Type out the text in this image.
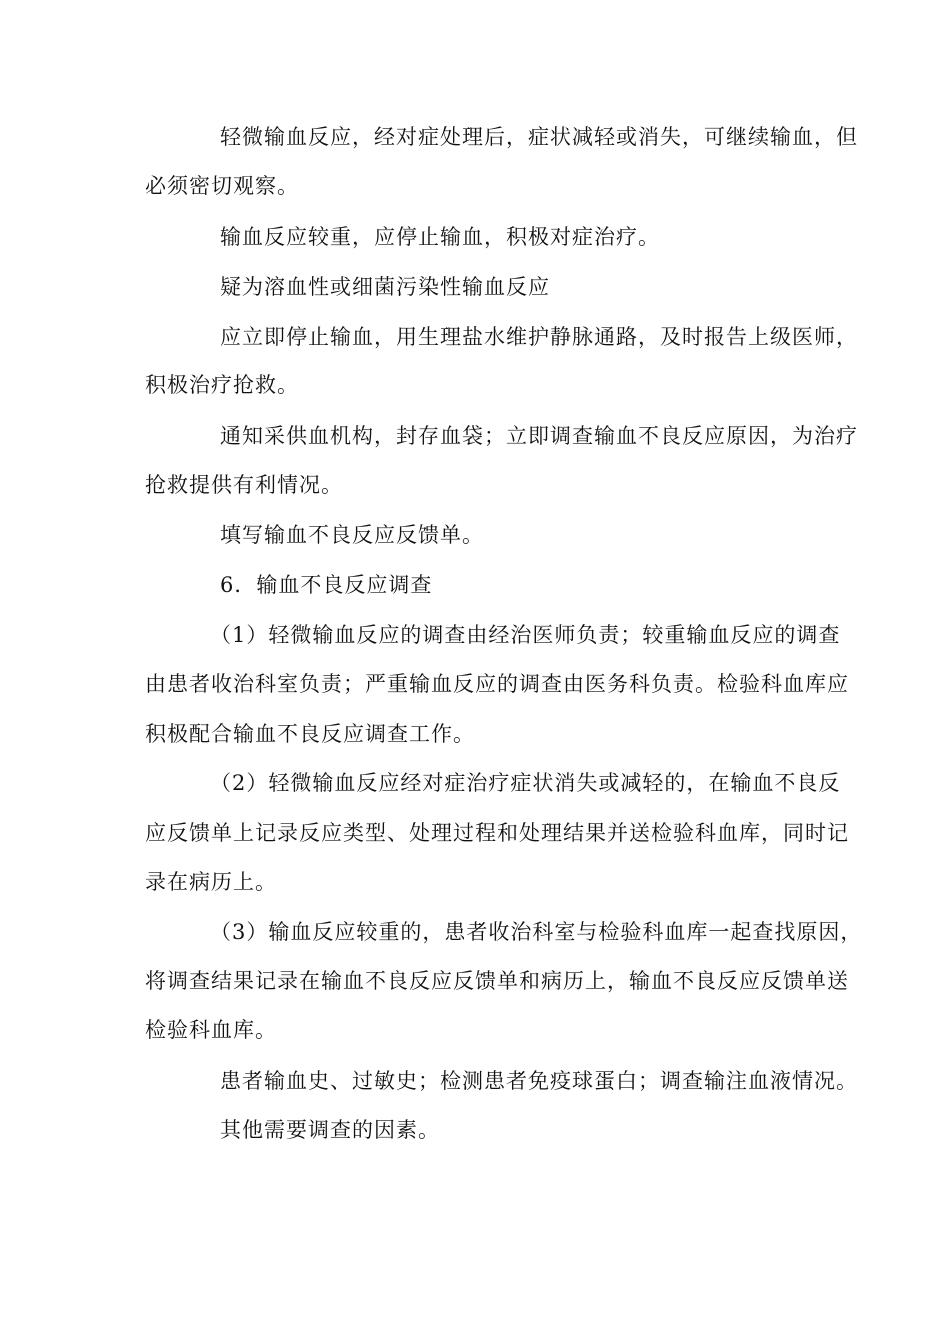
轻微输血反应，经对症处理后，症状减轻或消失，可继续输血，但
必须密切观察。
输血反应较重，应停止输血，积极对症治疗。
疑为溶血性或细菌污染性输血反应
应立即停止输血，用生理盐水维护静脉通路，及时报告上级医师，
积极治疗抢救。
通知采供血机构，封存血袋；立即调查输血不良反应原因，为治疗
抢救提供有利情况。
填写输血不良反应反馈单。
6．输血不良反应调查
（1）轻微输血反应的调查由经治医师负责；较重输血反应的调查
由患者收治科室负责；严重输血反应的调查由医务科负责。检验科血库应
积极配合输血不良反应调查工作。
（2）轻微输血反应经对症治疗症状消失或减轻的，在输血不良反
应反馈单上记录反应类型、处理过程和处理结果并送检验科血库，同时记
录在病历上。
（3）输血反应较重的，患者收治科室与检验科血库一起查找原因，
将调查结果记录在输血不良反应反馈单和病历上，输血不良反应反馈单送
检验科血库。
患者输血史、过敏史；检测患者免疫球蛋白；调查输注血液情况。
其他需要调查的因素。
